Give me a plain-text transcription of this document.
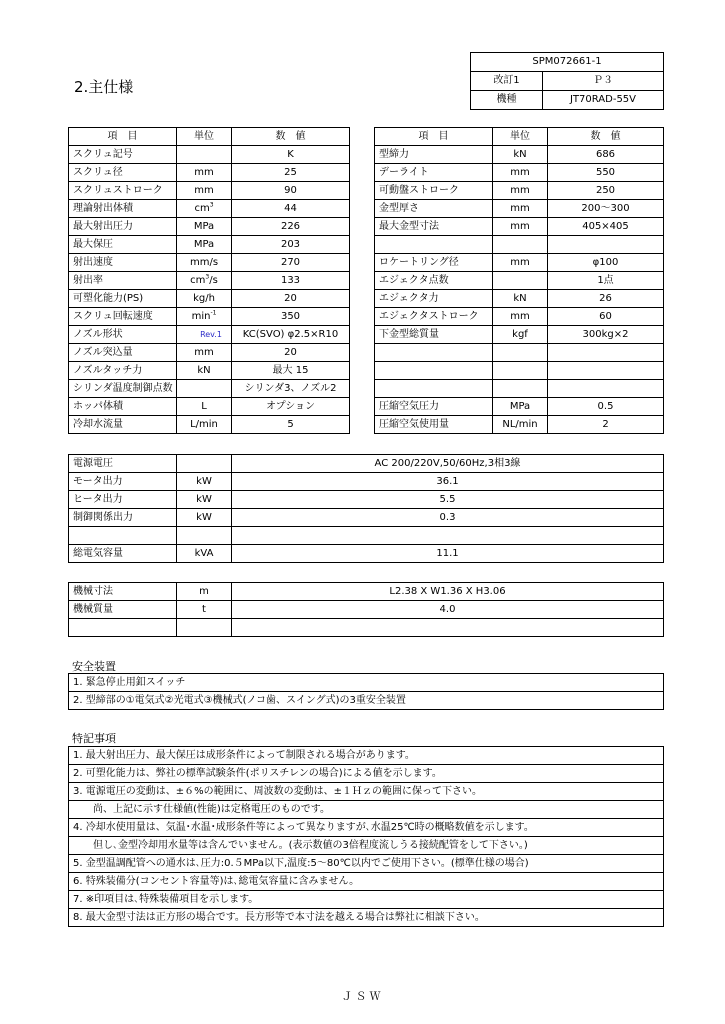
SPM072661-1	
改訂1	Ｐ３
機種	JT70RAD-55V
2.主仕様
項　目	単位	数　値
スクリュ記号		K
スクリュ径	mm	25
スクリュストローク	mm	90
理論射出体積	$cm^3$	44
最大射出圧力	MPa	226
最大保圧	MPa	203
射出速度	mm/s	270
射出率	$cm^3/s$	133
可塑化能力(PS)	kg/h	20
スクリュ回転速度	$\min^{-1}$	350
ノズル形状	Rev.1	KC(SVO) φ2.5×R10
ノズル突込量	mm	20
ノズルタッチ力	kN	最大 15
シリンダ温度制御点数		シリンダ3、ノズル2
ホッパ体積	L	オプション
冷却水流量	L/min	5
項　目	単位	数　値
型締力	kN	686
デーライト	mm	550
可動盤ストローク	mm	250
金型厚さ	mm	200～300
最大金型寸法	mm	405×405

ロケートリング径	mm	φ100
エジェクタ点数		1点
エジェクタ力	kN	26
エジェクタストローク	mm	60
下金型総質量	kgf	300kg×2

圧縮空気圧力	MPa	0.5
圧縮空気使用量	NL/min	2
電源電圧		AC 200/220V,50/60Hz,3相3線
モータ出力	kW	36.1
ヒータ出力	kW	5.5
制御関係出力	kW	0.3

総電気容量	kVA	11.1
機械寸法	m	L2.38 X W1.36 X H3.06
機械質量	t	4.0

安全装置
1. 緊急停止用釦スイッチ
2. 型締部の①電気式②光電式③機械式(ノコ歯、スイング式)の3重安全装置
特記事項
1. 最大射出圧力、最大保圧は成形条件によって制限される場合があります。
2. 可塑化能力は、弊社の標準試験条件(ポリスチレンの場合)による値を示します。
3. 電源電圧の変動は、±６%の範囲に、周波数の変動は、±１Ｈｚの範囲に保って下さい。
　　尚、上記に示す仕様値(性能)は定格電圧のものです。
4. 冷却水使用量は、気温･水温･成形条件等によって異なりますが､水温25℃時の概略数値を示します。
　　但し､金型冷却用水量等は含んでいません。(表示数値の3倍程度流しうる接続配管をして下さい。)
5. 金型温調配管への通水は､圧力:0.５MPa以下,温度:5～80℃以内でご使用下さい。(標準仕様の場合)
6. 特殊装備分(コンセント容量等)は､総電気容量に含みません。
7. ※印項目は､特殊装備項目を示します。
8. 最大金型寸法は正方形の場合です。長方形等で本寸法を越える場合は弊社に相談下さい。
ＪＳＷ
